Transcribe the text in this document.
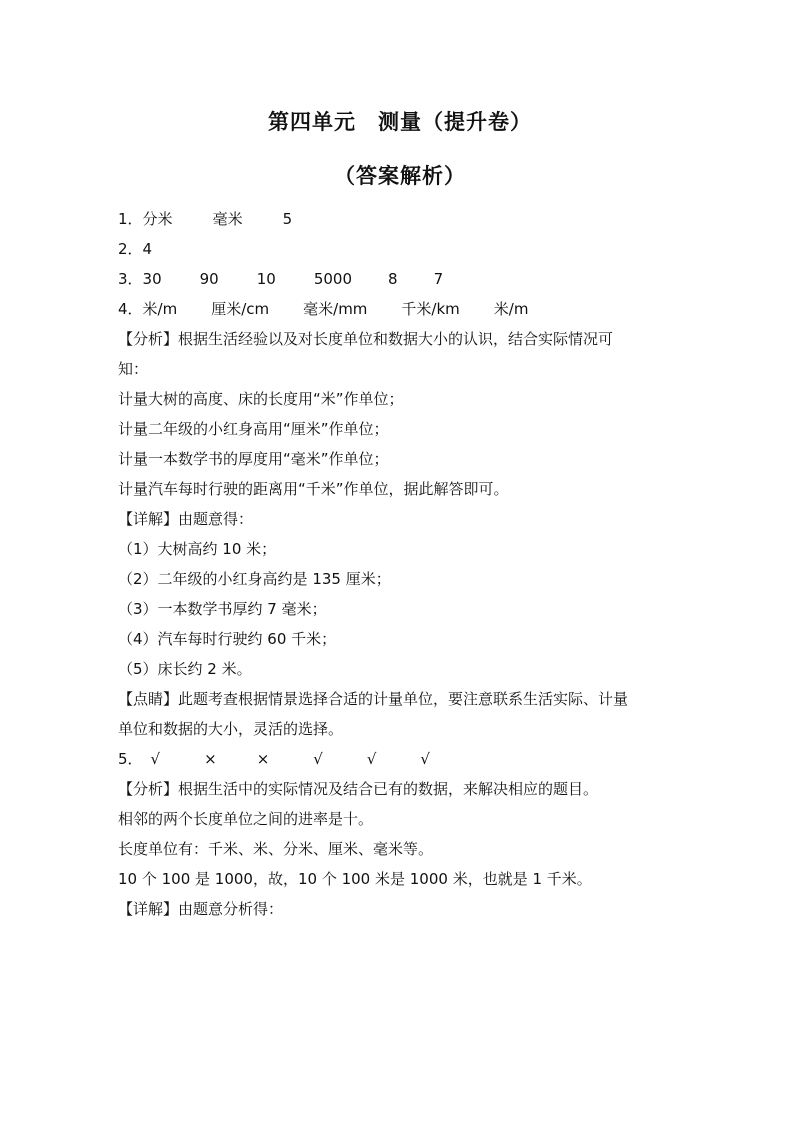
第四单元　测量（提升卷）
（答案解析）
1．分米	毫米	5
2．4
3．30	90	10	5000 8 7
4．米/m 厘米/cm 毫米/mm 千米/km 米/m
【分析】根据生活经验以及对长度单位和数据大小的认识，结合实际情况可
知：
计量大树的高度、床的长度用“米”作单位；
计量二年级的小红身高用“厘米”作单位；
计量一本数学书的厚度用“毫米”作单位；
计量汽车每时行驶的距离用“千米”作单位，据此解答即可。
【详解】由题意得：
（1）大树高约 10 米；
（2）二年级的小红身高约是 135 厘米；
（3）一本数学书厚约 7 毫米；
（4）汽车每时行驶约 60 千米；
（5）床长约 2 米。
【点睛】此题考查根据情景选择合适的计量单位，要注意联系生活实际、计量
单位和数据的大小，灵活的选择。
5． √	×	×	√	√	√
【分析】根据生活中的实际情况及结合已有的数据，来解决相应的题目。
相邻的两个长度单位之间的进率是十。
长度单位有：千米、米、分米、厘米、毫米等。
10 个 100 是 1000，故，10 个 100 米是 1000 米，也就是 1 千米。
【详解】由题意分析得：
